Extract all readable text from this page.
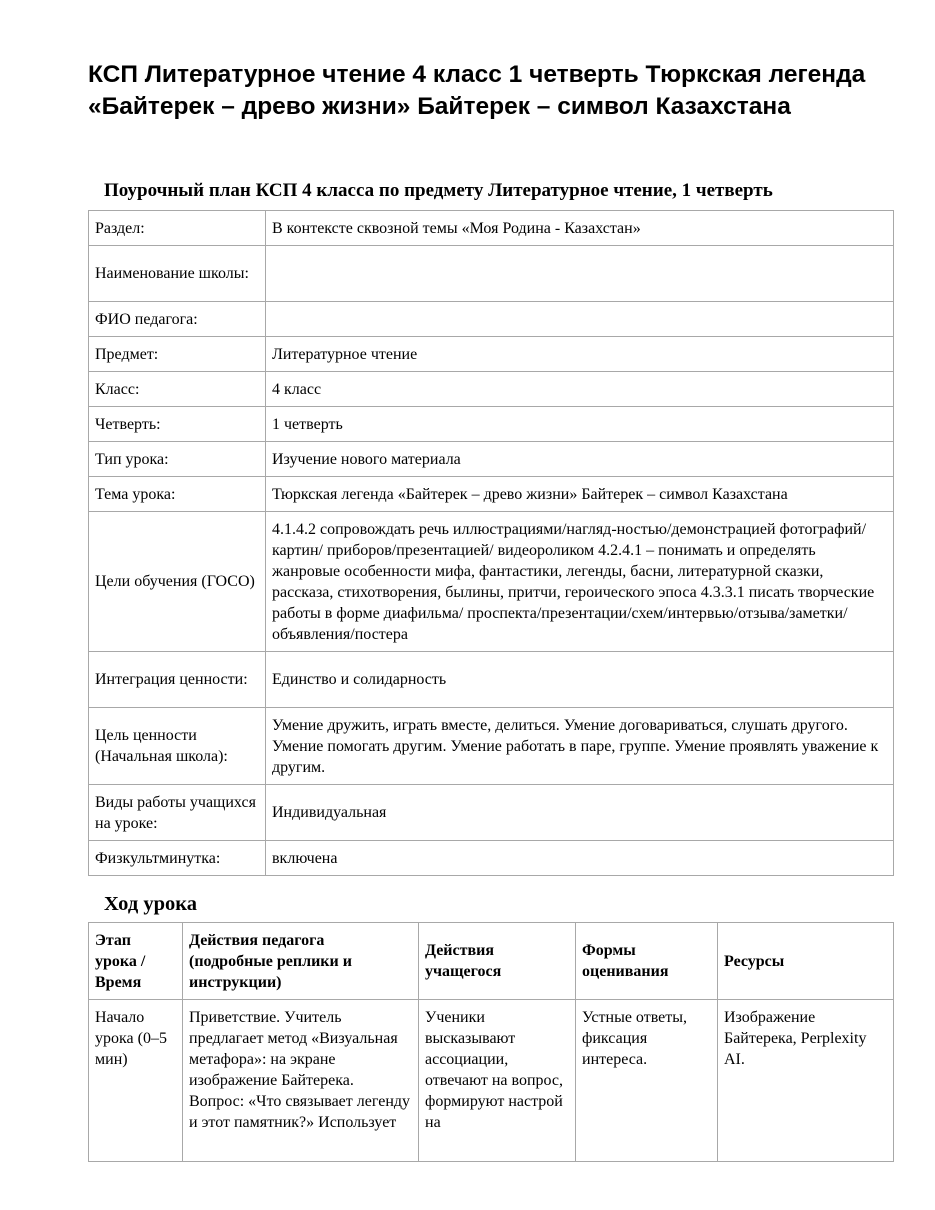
КСП Литературное чтение 4 класс 1 четверть Тюркская легенда «Байтерек – древо жизни» Байтерек – символ Казахстана
Поурочный план КСП 4 класса по предмету Литературное чтение, 1 четверть
Раздел:	В контексте сквозной темы «Моя Родина - Казахстан»
Наименование школы:	
ФИО педагога:	
Предмет:	Литературное чтение
Класс:	4 класс
Четверть:	1 четверть
Тип урока:	Изучение нового материала
Тема урока:	Тюркская легенда «Байтерек – древо жизни» Байтерек – символ Казахстана
Цели обучения (ГОСО)	4.1.4.2 сопровождать речь иллюстрациями/нагляд-ностью/демонстрацией фотографий/картин/ приборов/презентацией/ видеороликом 4.2.4.1 – понимать и определять жанровые особенности мифа, фантастики, легенды, басни, литературной сказки, рассказа, стихотворения, былины, притчи, героического эпоса 4.3.3.1 писать творческие работы в форме диафильма/ проспекта/презентации/схем/интервью/отзыва/заметки/ объявления/постера
Интеграция ценности:	Единство и солидарность
Цель ценности (Начальная школа):	Умение дружить, играть вместе, делиться. Умение договариваться, слушать другого. Умение помогать другим. Умение работать в паре, группе. Умение проявлять уважение к другим.
Виды работы учащихся на уроке:	Индивидуальная
Физкультминутка:	включена
Ход урока
Этап урока / Время	Действия педагога (подробные реплики и инструкции)	Действия учащегося	Формы оценивания	Ресурсы
Начало урока (0–5 мин)	Приветствие. Учитель предлагает метод «Визуальная метафора»: на экране изображение Байтерека. Вопрос: «Что связывает легенду и этот памятник?» Использует	Ученики высказывают ассоциации, отвечают на вопрос, формируют настрой на	Устные ответы, фиксация интереса.	Изображение Байтерека, Perplexity AI.
